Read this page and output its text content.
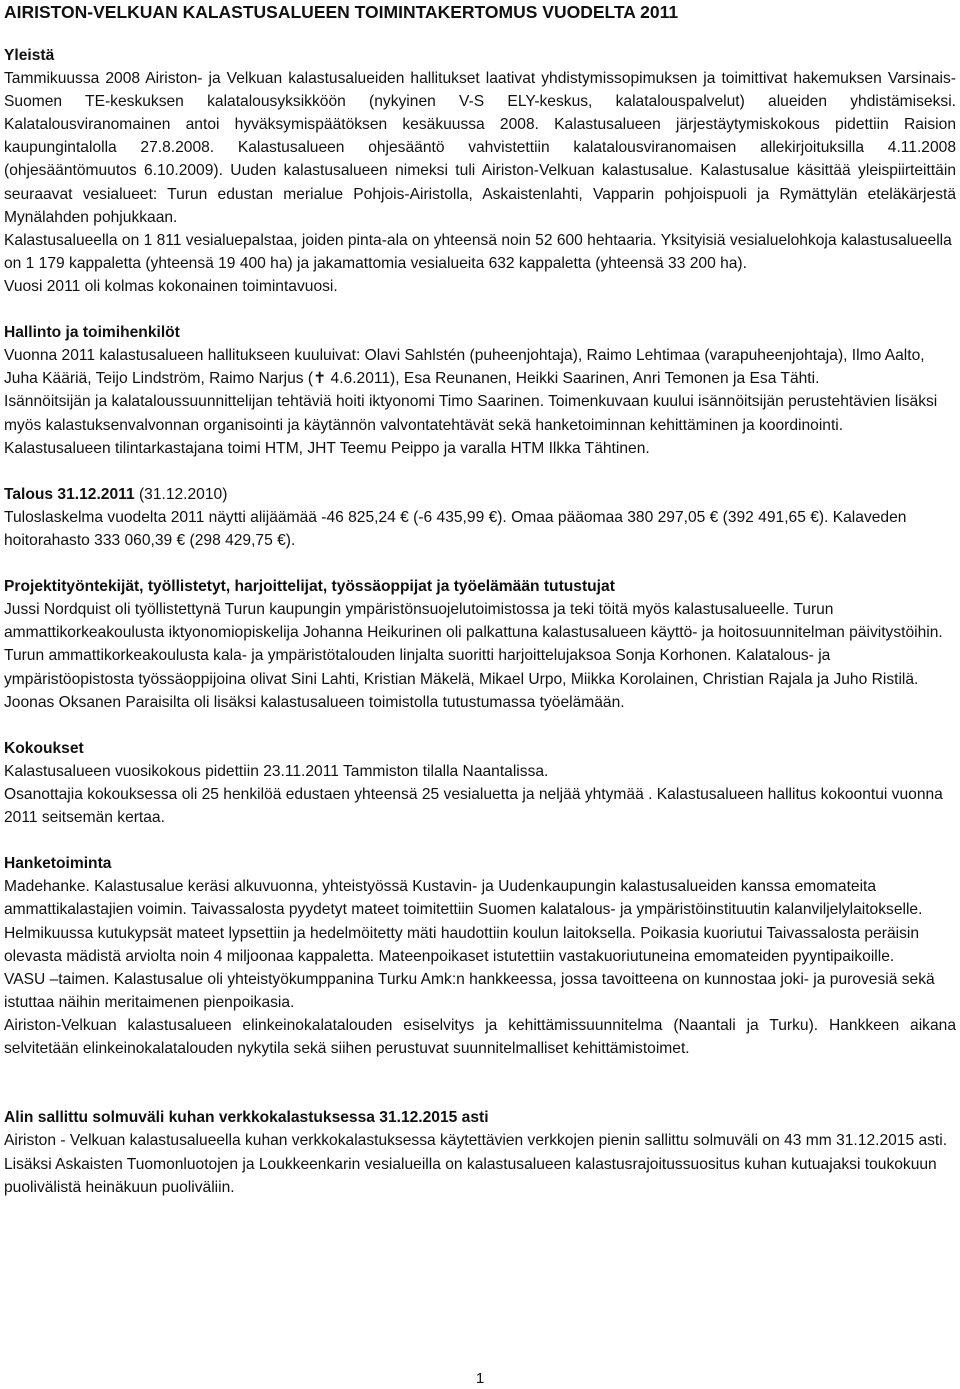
AIRISTON-VELKUAN KALASTUSALUEEN TOIMINTAKERTOMUS VUODELTA 2011

Yleistä

Tammikuussa 2008 Airiston- ja Velkuan kalastusalueiden hallitukset laativat yhdistymissopimuksen ja toimittivat hakemuksen Varsinais-Suomen TE-keskuksen kalatalousyksikköön (nykyinen V-S ELY-keskus, kalatalouspalvelut) alueiden yhdistämiseksi. Kalatalousviranomainen antoi hyväksymispäätöksen kesäkuussa 2008. Kalastusalueen järjestäytymiskokous pidettiin Raision kaupungintalolla 27.8.2008. Kalastusalueen ohjesääntö vahvistettiin kalatalousviranomaisen allekirjoituksilla 4.11.2008 (ohjesääntömuutos 6.10.2009). Uuden kalastusalueen nimeksi tuli Airiston-Velkuan kalastusalue. Kalastusalue käsittää yleispiirteittäin seuraavat vesialueet: Turun edustan merialue Pohjois-Airistolla, Askaistenlahti, Vapparin pohjoispuoli ja Rymättylän eteläkärjestä Mynälahden pohjukkaan.

Kalastusalueella on 1 811 vesialuepalstaa, joiden pinta-ala on yhteensä noin 52 600 hehtaaria. Yksityisiä vesialuelohkoja kalastusalueella on 1 179 kappaletta (yhteensä 19 400 ha) ja jakamattomia vesialueita 632 kappaletta (yhteensä 33 200 ha).

Vuosi 2011 oli kolmas kokonainen toimintavuosi.

Hallinto ja toimihenkilöt

Vuonna 2011 kalastusalueen hallitukseen kuuluivat: Olavi Sahlstén (puheenjohtaja), Raimo Lehtimaa (varapuheenjohtaja), Ilmo Aalto, Juha Kääriä, Teijo Lindström, Raimo Narjus (✝ 4.6.2011), Esa Reunanen, Heikki Saarinen, Anri Temonen ja Esa Tähti.

Isännöitsijän ja kalataloussuunnittelijan tehtäviä hoiti iktyonomi Timo Saarinen. Toimenkuvaan kuului isännöitsijän perustehtävien lisäksi myös kalastuksenvalvonnan organisointi ja käytännön valvontatehtävät sekä hanketoiminnan kehittäminen ja koordinointi.

Kalastusalueen tilintarkastajana toimi HTM, JHT Teemu Peippo ja varalla HTM Ilkka Tähtinen.

Talous 31.12.2011 (31.12.2010)

Tuloslaskelma vuodelta 2011 näytti alijäämää -46 825,24 € (-6 435,99 €). Omaa pääomaa 380 297,05 € (392 491,65 €). Kalaveden hoitorahasto 333 060,39 € (298 429,75 €).

Projektityöntekijät, työllistetyt, harjoittelijat, työssäoppijat ja työelämään tutustujat

Jussi Nordquist oli työllistettynä Turun kaupungin ympäristönsuojelutoimistossa ja teki töitä myös kalastusalueelle. Turun ammattikorkeakoulusta iktyonomiopiskelija Johanna Heikurinen oli palkattuna kalastusalueen käyttö- ja hoitosuunnitelman päivitystöihin. Turun ammattikorkeakoulusta kala- ja ympäristötalouden linjalta suoritti harjoittelujaksoa Sonja Korhonen. Kalatalous- ja ympäristöopistosta työssäoppijoina olivat Sini Lahti, Kristian Mäkelä, Mikael Urpo, Miikka Korolainen, Christian Rajala ja Juho Ristilä. Joonas Oksanen Paraisilta oli lisäksi kalastusalueen toimistolla tutustumassa työelämään.

Kokoukset

Kalastusalueen vuosikokous pidettiin 23.11.2011 Tammiston tilalla Naantalissa.

Osanottajia kokouksessa oli 25 henkilöä edustaen yhteensä 25 vesialuetta ja neljää yhtymää . Kalastusalueen hallitus kokoontui vuonna 2011 seitsemän kertaa.

Hanketoiminta

Madehanke. Kalastusalue keräsi alkuvuonna, yhteistyössä Kustavin- ja Uudenkaupungin kalastusalueiden kanssa emomateita ammattikalastajien voimin. Taivassalosta pyydetyt mateet toimitettiin Suomen kalatalous- ja ympäristöinstituutin kalanviljelylaitokselle. Helmikuussa kutukypsät mateet lypsettiin ja hedelmöitetty mäti haudottiin koulun laitoksella. Poikasia kuoriutui Taivassalosta peräisin olevasta mädistä arviolta noin 4 miljoonaa kappaletta. Mateenpoikaset istutettiin vastakuoriutuneina emomateiden pyyntipaikoille.

VASU –taimen. Kalastusalue oli yhteistyökumppanina Turku Amk:n hankkeessa, jossa tavoitteena on kunnostaa joki- ja purovesiä sekä istuttaa näihin meritaimenen pienpoikasia.

Airiston-Velkuan kalastusalueen elinkeinokalatalouden esiselvitys ja kehittämissuunnitelma (Naantali ja Turku). Hankkeen aikana selvitetään elinkeinokalatalouden nykytila sekä siihen perustuvat suunnitelmalliset kehittämistoimet.

Alin sallittu solmuväli kuhan verkkokalastuksessa 31.12.2015 asti

Airiston - Velkuan kalastusalueella kuhan verkkokalastuksessa käytettävien verkkojen pienin sallittu solmuväli on 43 mm 31.12.2015 asti.

Lisäksi Askaisten Tuomonluotojen ja Loukkeenkarin vesialueilla on kalastusalueen kalastusrajoitussuositus kuhan kutuajaksi toukokuun puolivälistä heinäkuun puoliväliin.

1
